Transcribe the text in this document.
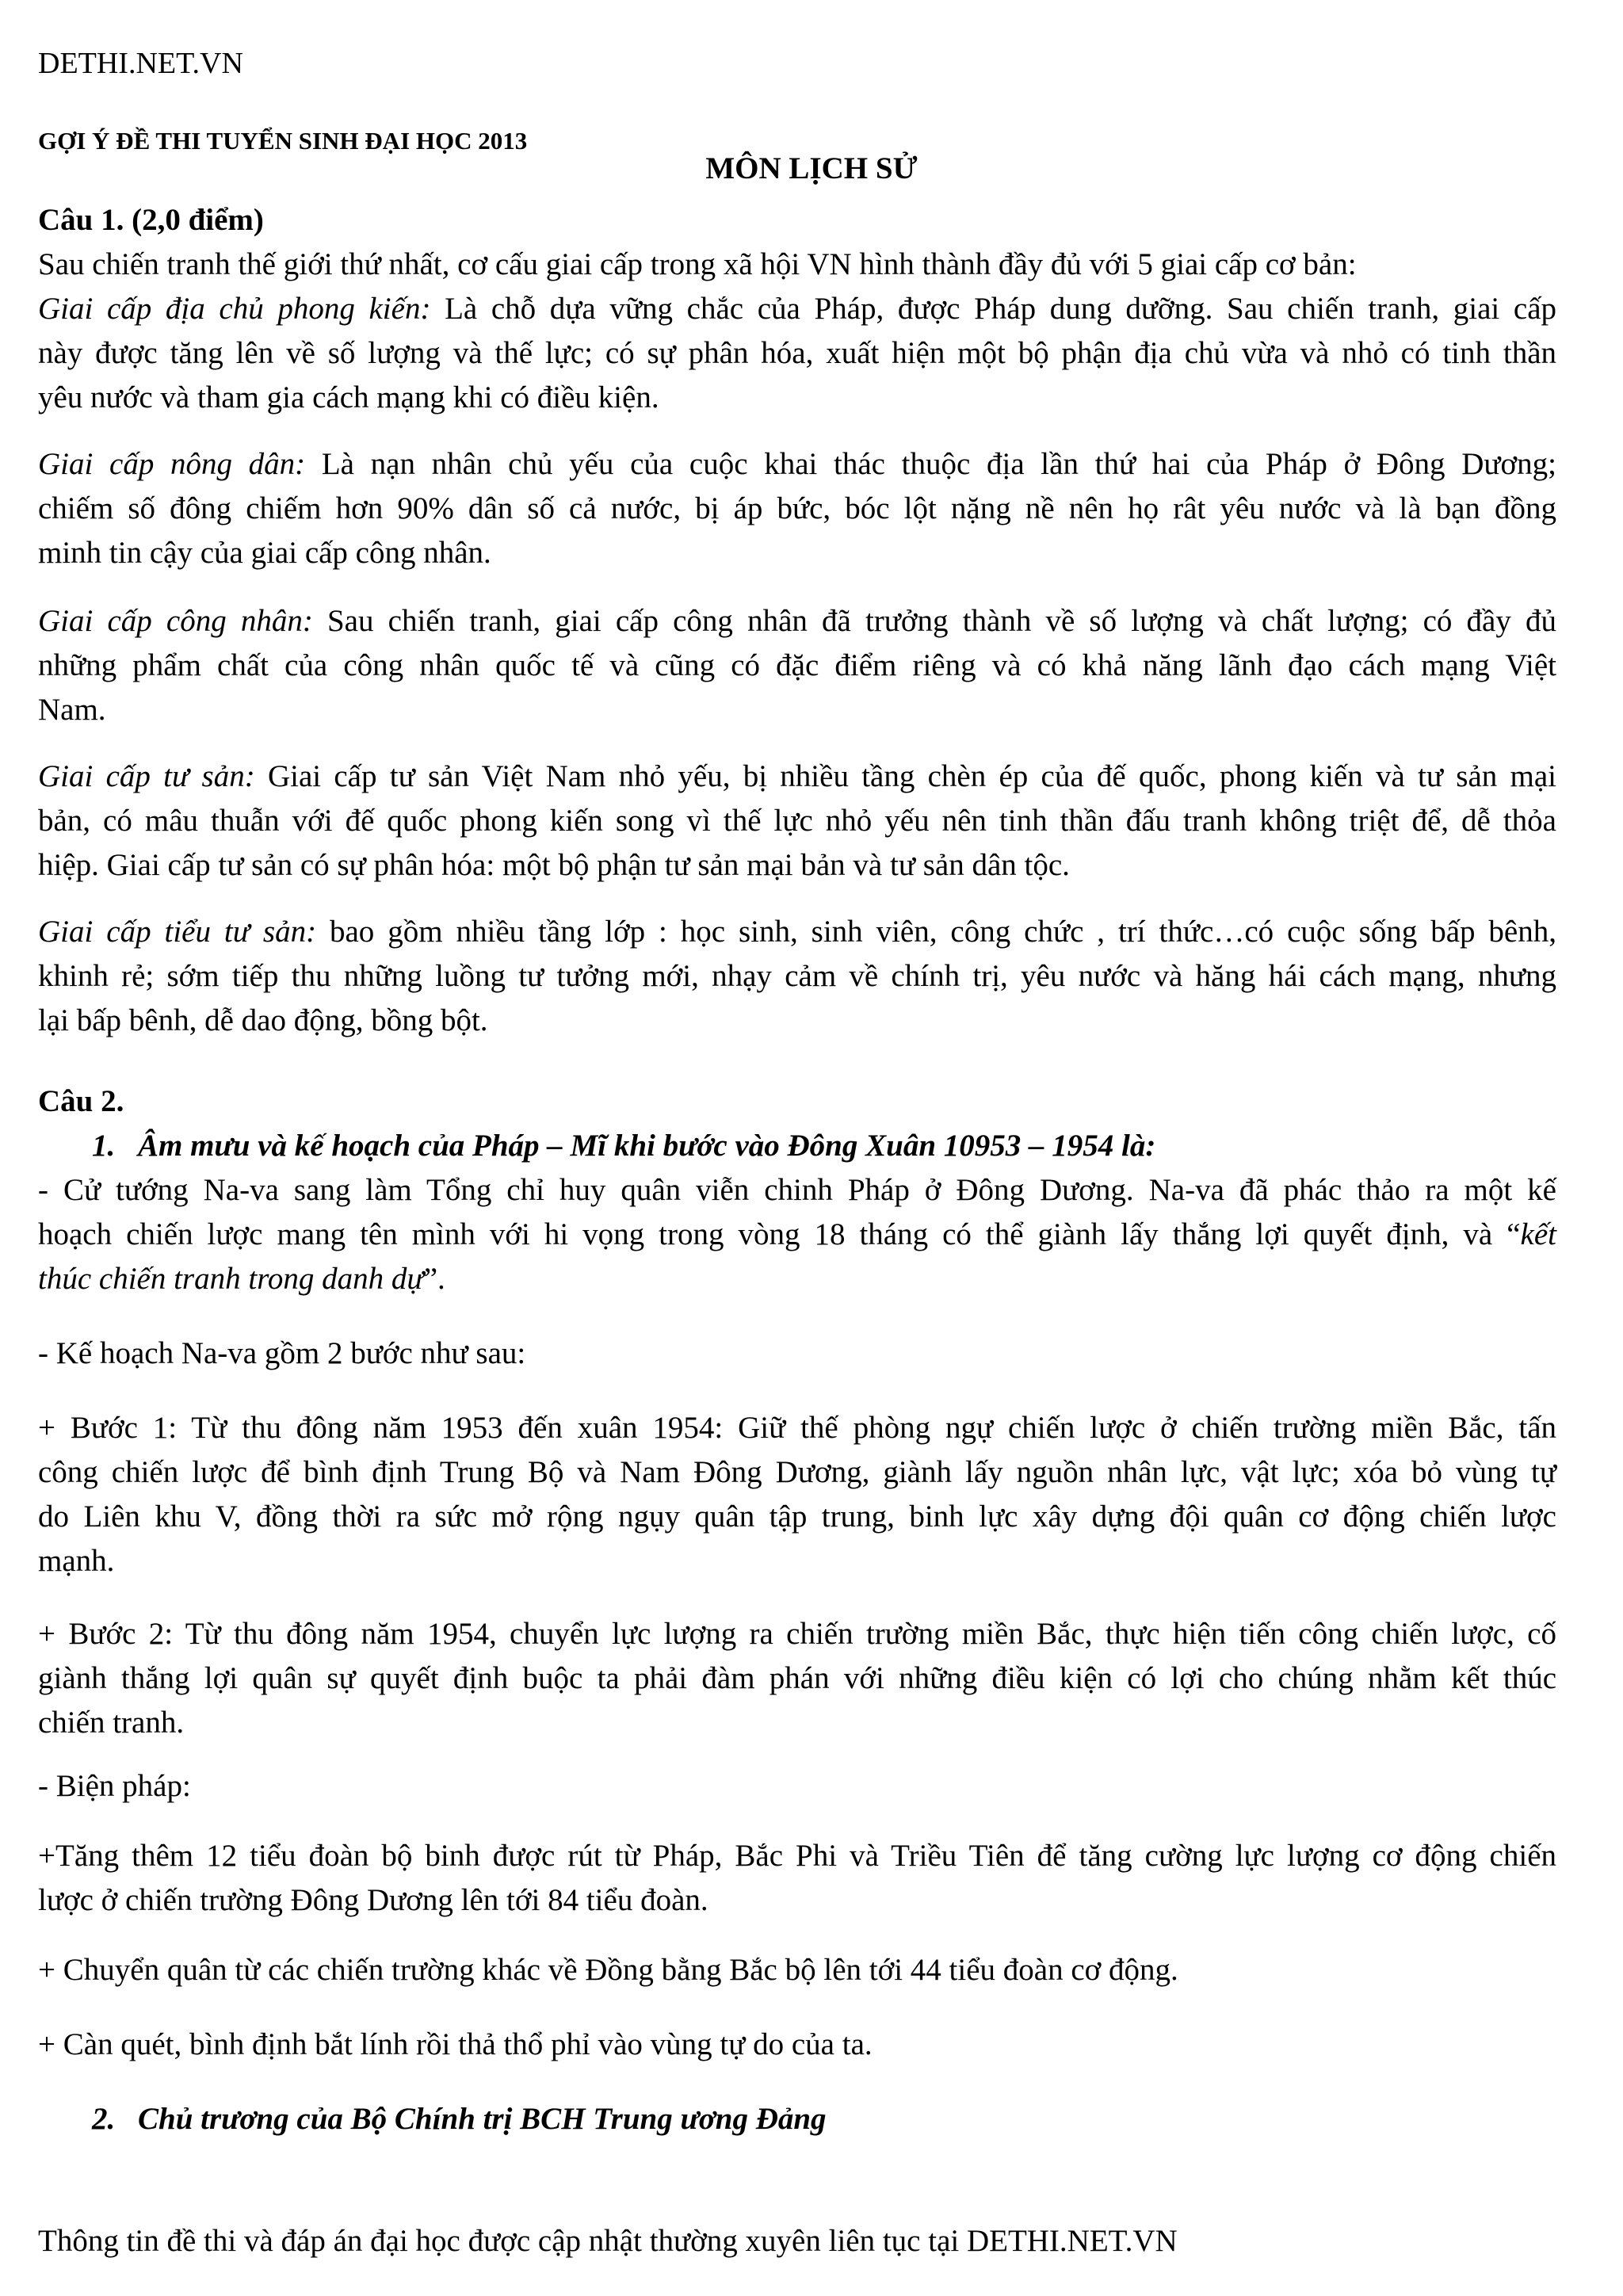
DETHI.NET.VN
GỢI Ý ĐỀ THI TUYỂN SINH ĐẠI HỌC 2013
MÔN LỊCH SỬ
Câu 1. (2,0 điểm)
Sau chiến tranh thế giới thứ nhất, cơ cấu giai cấp trong xã hội VN hình thành đầy đủ với 5 giai cấp cơ bản:
Giai cấp địa chủ phong kiến: Là chỗ dựa vững chắc của Pháp, được Pháp dung dưỡng. Sau chiến tranh, giai cấp
này được tăng lên về số lượng và thế lực; có sự phân hóa, xuất hiện một bộ phận địa chủ vừa và nhỏ có tinh thần
yêu nước và tham gia cách mạng khi có điều kiện.
Giai cấp nông dân: Là nạn nhân chủ yếu của cuộc khai thác thuộc địa lần thứ hai của Pháp ở Đông Dương;
chiếm số đông chiếm hơn 90% dân số cả nước, bị áp bức, bóc lột nặng nề nên họ rât yêu nước và là bạn đồng
minh tin cậy của giai cấp công nhân.
Giai cấp công nhân: Sau chiến tranh, giai cấp công nhân đã trưởng thành về số lượng và chất lượng; có đầy đủ
những phẩm chất của công nhân quốc tế và cũng có đặc điểm riêng và có khả năng lãnh đạo cách mạng Việt
Nam.
Giai cấp tư sản: Giai cấp tư sản Việt Nam nhỏ yếu, bị nhiều tầng chèn ép của đế quốc, phong kiến và tư sản mại
bản, có mâu thuẫn với đế quốc phong kiến song vì thế lực nhỏ yếu nên tinh thần đấu tranh không triệt để, dễ thỏa
hiệp. Giai cấp tư sản có sự phân hóa: một bộ phận tư sản mại bản và tư sản dân tộc.
Giai cấp tiểu tư sản: bao gồm nhiều tầng lớp : học sinh, sinh viên, công chức , trí thức…có cuộc sống bấp bênh,
khinh rẻ; sớm tiếp thu những luồng tư tưởng mới, nhạy cảm về chính trị, yêu nước và hăng hái cách mạng, nhưng
lại bấp bênh, dễ dao động, bồng bột.
Câu 2.
1. Âm mưu và kế hoạch của Pháp – Mĩ khi bước vào Đông Xuân 10953 – 1954 là:
- Cử tướng Na-va sang làm Tổng chỉ huy quân viễn chinh Pháp ở Đông Dương. Na-va đã phác thảo ra một kế
hoạch chiến lược mang tên mình với hi vọng trong vòng 18 tháng có thể giành lấy thắng lợi quyết định, và “kết
thúc chiến tranh trong danh dự”.
- Kế hoạch Na-va gồm 2 bước như sau:
+ Bước 1: Từ thu đông năm 1953 đến xuân 1954: Giữ thế phòng ngự chiến lược ở chiến trường miền Bắc, tấn
công chiến lược để bình định Trung Bộ và Nam Đông Dương, giành lấy nguồn nhân lực, vật lực; xóa bỏ vùng tự
do Liên khu V, đồng thời ra sức mở rộng ngụy quân tập trung, binh lực xây dựng đội quân cơ động chiến lược
mạnh.
+ Bước 2: Từ thu đông năm 1954, chuyển lực lượng ra chiến trường miền Bắc, thực hiện tiến công chiến lược, cố
giành thắng lợi quân sự quyết định buộc ta phải đàm phán với những điều kiện có lợi cho chúng nhằm kết thúc
chiến tranh.
- Biện pháp:
+Tăng thêm 12 tiểu đoàn bộ binh được rút từ Pháp, Bắc Phi và Triều Tiên để tăng cường lực lượng cơ động chiến
lược ở chiến trường Đông Dương lên tới 84 tiểu đoàn.
+ Chuyển quân từ các chiến trường khác về Đồng bằng Bắc bộ lên tới 44 tiểu đoàn cơ động.
+ Càn quét, bình định bắt lính rồi thả thổ phỉ vào vùng tự do của ta.
2. Chủ trương của Bộ Chính trị BCH Trung ương Đảng
Thông tin đề thi và đáp án đại học được cập nhật thường xuyên liên tục tại DETHI.NET.VN
